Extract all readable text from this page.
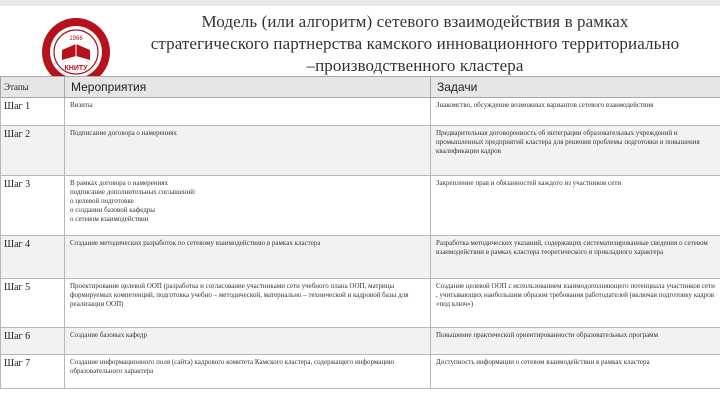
1966
КНИТУ
Модель (или алгоритм) сетевого взаимодействия в рамках стратегического партнерства камского инновационного территориально –производственного кластера
Этапы	Мероприятия	Задачи
Шаг 1	Визиты	Знакомство, обсуждение возможных вариантов сетевого взаимодействия
Шаг 2	Подписание договора о намерениях	Предварительная договоренность об интеграции образовательных учреждений и промышленных предприятий кластера для решения проблемы подготовки и повышения квалификации кадров
Шаг 3	В рамках договора о намерениях
подписание дополнительных соглашений:
о целевой подготовке
о создании базовой кафедры
о сетевом взаимодействии	Закрепление прав и обязанностей каждого из участников сети
Шаг 4	Создание методических разработок по сетевому взаимодействию в рамках кластера	Разработка методических указаний, содержащих систематизированные сведения о сетевом взаимодействии в рамках кластера теоретического и прикладного характера
Шаг 5	Проектирование целевой ООП (разработка и согласование участниками сети учебного плана ООП, матрицы формируемых компетенций, подготовка учебно – методической, материально – технической и кадровой базы для реализации ООП)	Создание целевой ООП с использованием взаимодополняющего потенциала участников сети , учитывающих наибольшим образом требования работодателей (включая подготовку кадров «под ключ»)
Шаг 6	Создание базовых кафедр	Повышение практической ориентированности образовательных программ
Шаг 7	Создание информационного поля (сайта) кадрового комитета Камского кластера, содержащего информацию образовательного характера	Доступность информации о сетевом взаимодействии в рамках кластера
